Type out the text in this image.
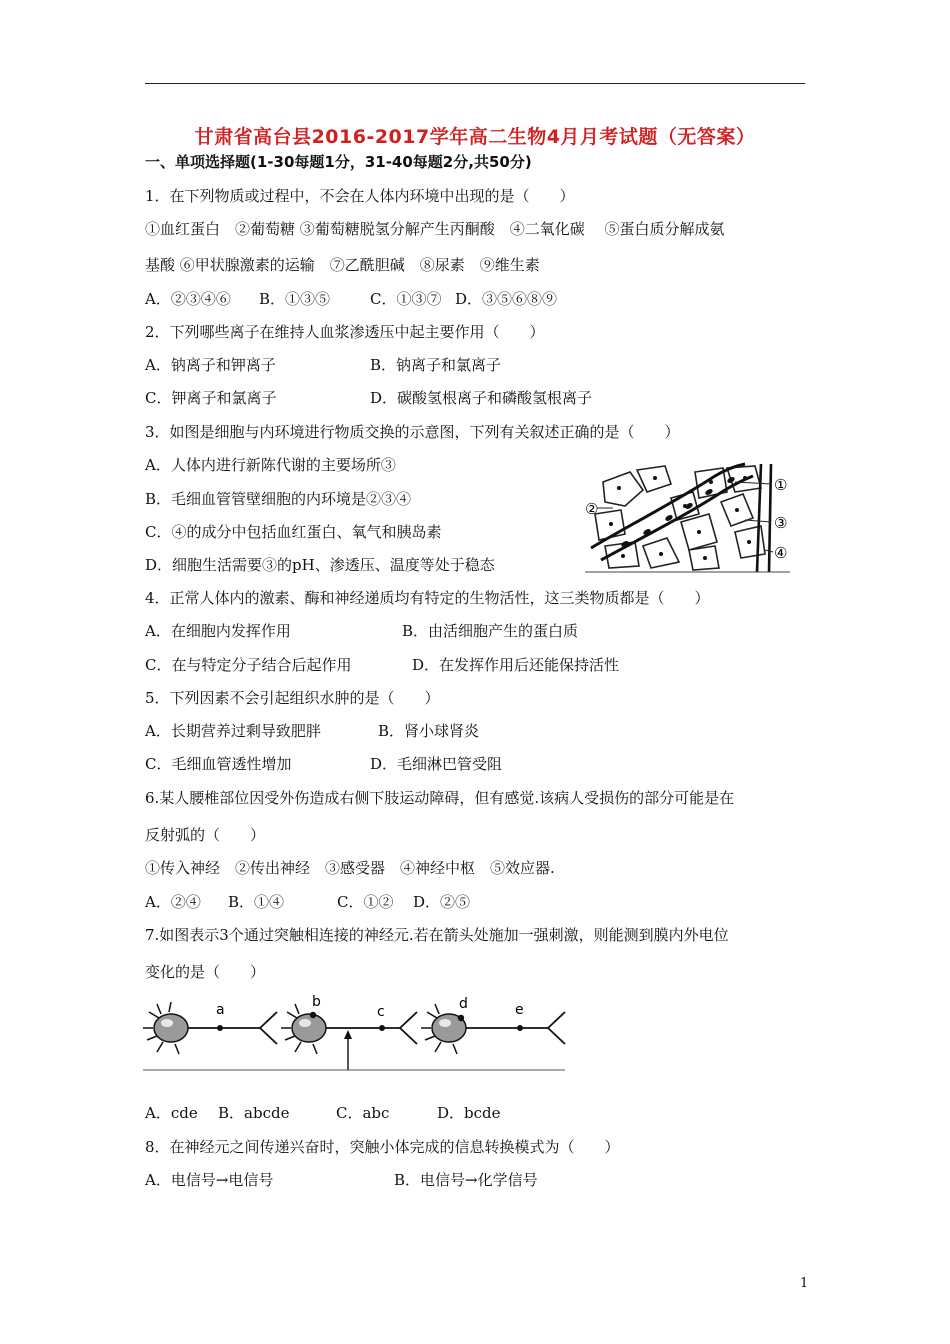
甘肃省高台县2016-2017学年高二生物4月月考试题（无答案）
一、单项选择题(1-30每题1分，31-40每题2分,共50分)
1．在下列物质或过程中，不会在人体内环境中出现的是（　　）
①血红蛋白　②葡萄糖 ③葡萄糖脱氢分解产生丙酮酸　④二氧化碳　 ⑤蛋白质分解成氨
基酸 ⑥甲状腺激素的运输　⑦乙酰胆碱　⑧尿素　⑨维生素
A．②③④⑥ B．①③⑤	C．①③⑦ D．③⑤⑥⑧⑨
2．下列哪些离子在维持人血浆渗透压中起主要作用（　　）
A．钠离子和钾离子	B．钠离子和氯离子
C．钾离子和氯离子	D．碳酸氢根离子和磷酸氢根离子
3．如图是细胞与内环境进行物质交换的示意图，下列有关叙述正确的是（　　）
A．人体内进行新陈代谢的主要场所③
B．毛细血管管壁细胞的内环境是②③④
C．④的成分中包括血红蛋白、氧气和胰岛素
D．细胞生活需要③的pH、渗透压、温度等处于稳态
①
②
③
④
4．正常人体内的激素、酶和神经递质均有特定的生物活性，这三类物质都是（　　）
A．在细胞内发挥作用	B．由活细胞产生的蛋白质
C．在与特定分子结合后起作用	D．在发挥作用后还能保持活性
5．下列因素不会引起组织水肿的是（　　）
A．长期营养过剩导致肥胖	B．肾小球肾炎
C．毛细血管透性增加	D．毛细淋巴管受阻
6.某人腰椎部位因受外伤造成右侧下肢运动障碍，但有感觉.该病人受损伤的部分可能是在
反射弧的（　　）
①传入神经　②传出神经　③感受器　④神经中枢　⑤效应器.
A．②④ B．①④	C．①② D．②⑤
7.如图表示3个通过突触相连接的神经元.若在箭头处施加一强刺激，则能测到膜内外电位
变化的是（　　）
a	b
c	d	e
A．cde B．abcde	C．abc	D．bcde
8．在神经元之间传递兴奋时，突触小体完成的信息转换模式为（　　）
A．电信号→电信号	B．电信号→化学信号
1
